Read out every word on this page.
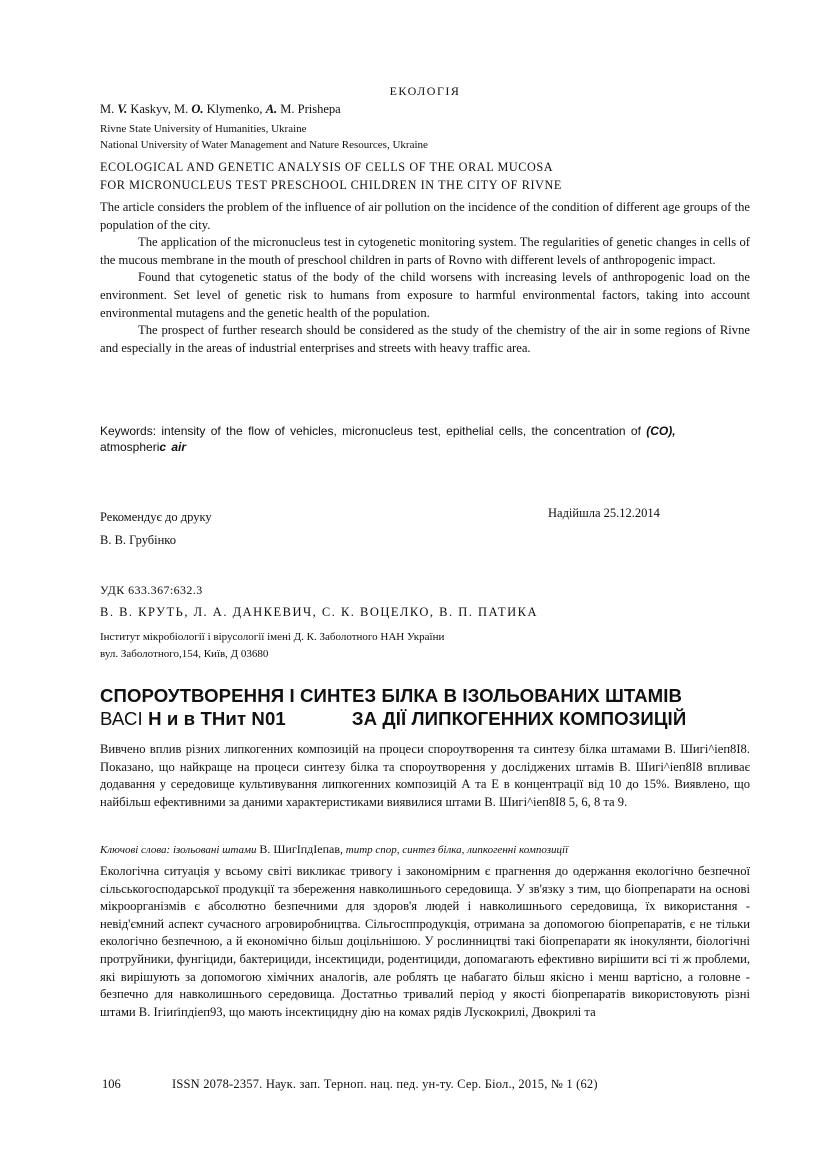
ЕКОЛОГІЯ
M. V. Kaskyv, M. O. Klymenko, A. M. Prishepa
Rivne State University of Humanities, Ukraine
National University of Water Management and Nature Resources, Ukraine
ECOLOGICAL AND GENETIC ANALYSIS OF CELLS OF THE ORAL MUCOSA
FOR MICRONUCLEUS TEST PRESCHOOL CHILDREN IN THE CITY OF RIVNE

The article considers the problem of the influence of air pollution on the incidence of the condition of different age groups of the population of the city.

The application of the micronucleus test in cytogenetic monitoring system. The regularities of genetic changes in cells of the mucous membrane in the mouth of preschool children in parts of Rovno with different levels of anthropogenic impact.

Found that cytogenetic status of the body of the child worsens with increasing levels of anthropogenic load on the environment. Set level of genetic risk to humans from exposure to harmful environmental factors, taking into account environmental mutagens and the genetic health of the population.

The prospect of further research should be considered as the study of the chemistry of the air in some regions of Rivne and especially in the areas of industrial enterprises and streets with heavy traffic area.

Keywords: intensity of the flow of vehicles, micronucleus test, epithelial cells, the concentration of (CO),
atmospheric air
Рекомендує до друку
В. В. Грубінко
Надійшла 25.12.2014
УДК 633.367:632.3
В. В. КРУТЬ, Л. А. ДАНКЕВИЧ, С. К. ВОЦЕЛКО, В. П. ПАТИКА
Інститут мікробіології і вірусології імені Д. К. Заболотного НАН України
вул. Заболотного,154, Київ, Д 03680
СПОРОУТВОРЕННЯ І СИНТЕЗ БІЛКА В ІЗОЛЬОВАНИХ ШТАМІВ
ВАСІ Н и в ТНит N01	ЗА ДІЇ ЛИПКОГЕННИХ КОМПОЗИЦІЙ
Вивчено вплив різних липкогенних композицій на процеси спороутворення та синтезу білка штамами В. Шигі^іеп8І8. Показано, що найкраще на процеси синтезу білка та спороутворення у досліджених штамів В. Шигі^іеп8І8 впливає додавання у середовище культивування липкогенних композицій А та Е в концентрації від 10 до 15%. Виявлено, що найбільш ефективними за даними характеристиками виявилися штами В. Шигі^іеп8І8 5, 6, 8 та 9.
Ключові слова: ізольовані штами В. ШигІпдІепав, титр спор, синтез білка, липкогенні композиції

Екологічна ситуація у всьому світі викликає тривогу і закономірним є прагнення до одержання екологічно безпечної сільськогосподарської продукції та збереження навколишнього середовища. У зв'язку з тим, що біопрепарати на основі мікроорганізмів є абсолютно безпечними для здоров'я людей і навколишнього середовища, їх використання - невід'ємний аспект сучасного агровиробництва. Сільгосппродукція, отримана за допомогою біопрепаратів, є не тільки екологічно безпечною, а й економічно більш доцільнішою. У рослинництві такі біопрепарати як інокулянти, біологічні протруйники, фунгіциди, бактерициди, інсектициди, родентициди, допомагають ефективно вирішити всі ті ж проблеми, які вирішують за допомогою хімічних аналогів, але роблять це набагато більш якісно і менш вартісно, а головне - безпечно для навколишнього середовища. Достатньо тривалий період у якості біопрепаратів використовують різні штами В. Ігіиґіпдіеп93, що мають інсектицидну дію на комах рядів Лускокрилі, Двокрилі та

106	ISSN 2078-2357. Наук. зап. Терноп. нац. пед. ун-ту. Сер. Біол., 2015, № 1 (62)
